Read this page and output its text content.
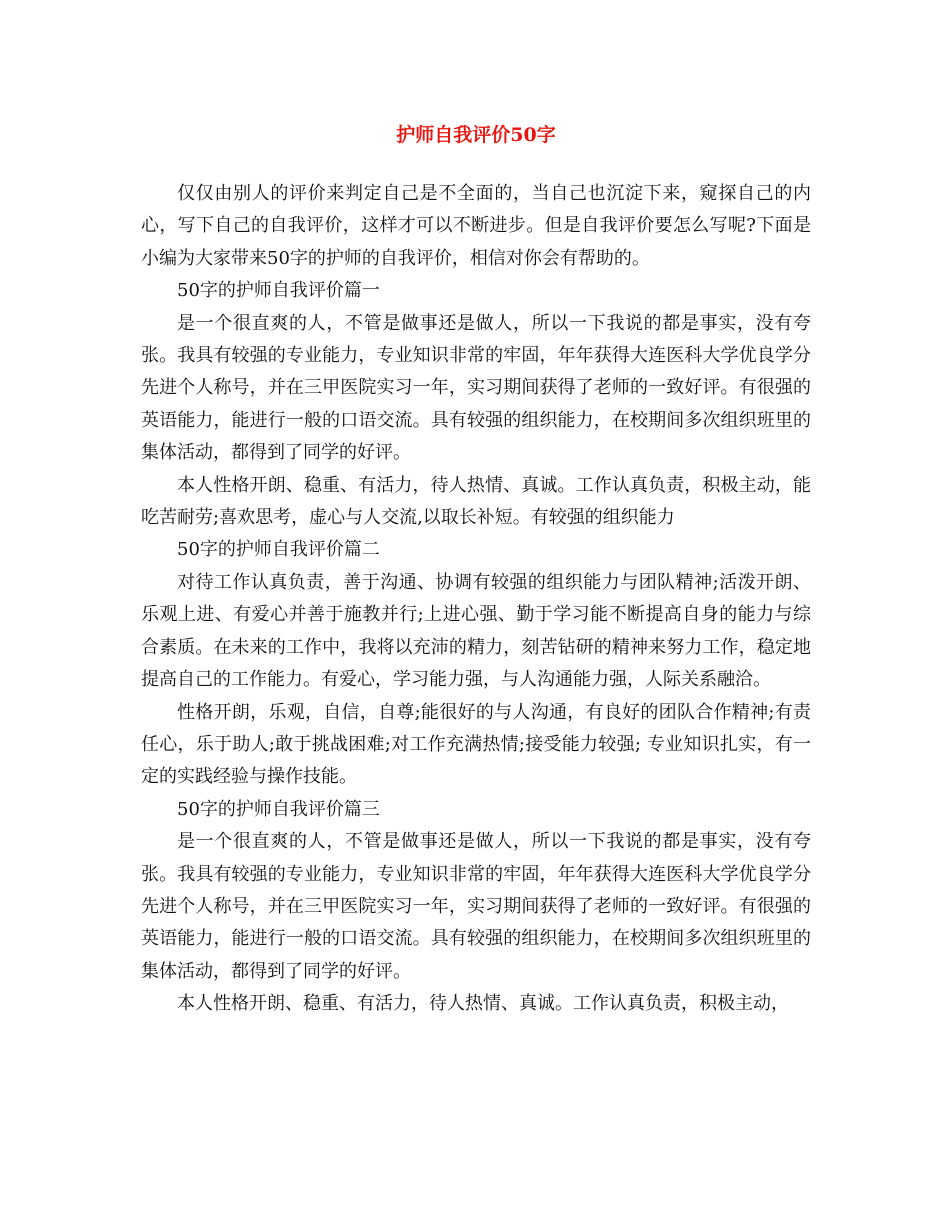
护师自我评价50字

仅仅由别人的评价来判定自己是不全面的，当自己也沉淀下来，窥探自己的内心，写下自己的自我评价，这样才可以不断进步。但是自我评价要怎么写呢?下面是小编为大家带来50字的护师的自我评价，相信对你会有帮助的。

50字的护师自我评价篇一

是一个很直爽的人，不管是做事还是做人，所以一下我说的都是事实，没有夸张。我具有较强的专业能力，专业知识非常的牢固，年年获得大连医科大学优良学分先进个人称号，并在三甲医院实习一年，实习期间获得了老师的一致好评。有很强的英语能力，能进行一般的口语交流。具有较强的组织能力，在校期间多次组织班里的集体活动，都得到了同学的好评。

本人性格开朗、稳重、有活力，待人热情、真诚。工作认真负责，积极主动，能吃苦耐劳;喜欢思考，虚心与人交流,以取长补短。有较强的组织能力

50字的护师自我评价篇二

对待工作认真负责，善于沟通、协调有较强的组织能力与团队精神;活泼开朗、乐观上进、有爱心并善于施教并行;上进心强、勤于学习能不断提高自身的能力与综合素质。在未来的工作中，我将以充沛的精力，刻苦钻研的精神来努力工作，稳定地提高自己的工作能力。有爱心，学习能力强，与人沟通能力强，人际关系融洽。

性格开朗，乐观，自信，自尊;能很好的与人沟通，有良好的团队合作精神;有责任心，乐于助人;敢于挑战困难;对工作充满热情;接受能力较强; 专业知识扎实，有一定的实践经验与操作技能。

50字的护师自我评价篇三

是一个很直爽的人，不管是做事还是做人，所以一下我说的都是事实，没有夸张。我具有较强的专业能力，专业知识非常的牢固，年年获得大连医科大学优良学分先进个人称号，并在三甲医院实习一年，实习期间获得了老师的一致好评。有很强的英语能力，能进行一般的口语交流。具有较强的组织能力，在校期间多次组织班里的集体活动，都得到了同学的好评。

本人性格开朗、稳重、有活力，待人热情、真诚。工作认真负责，积极主动，
